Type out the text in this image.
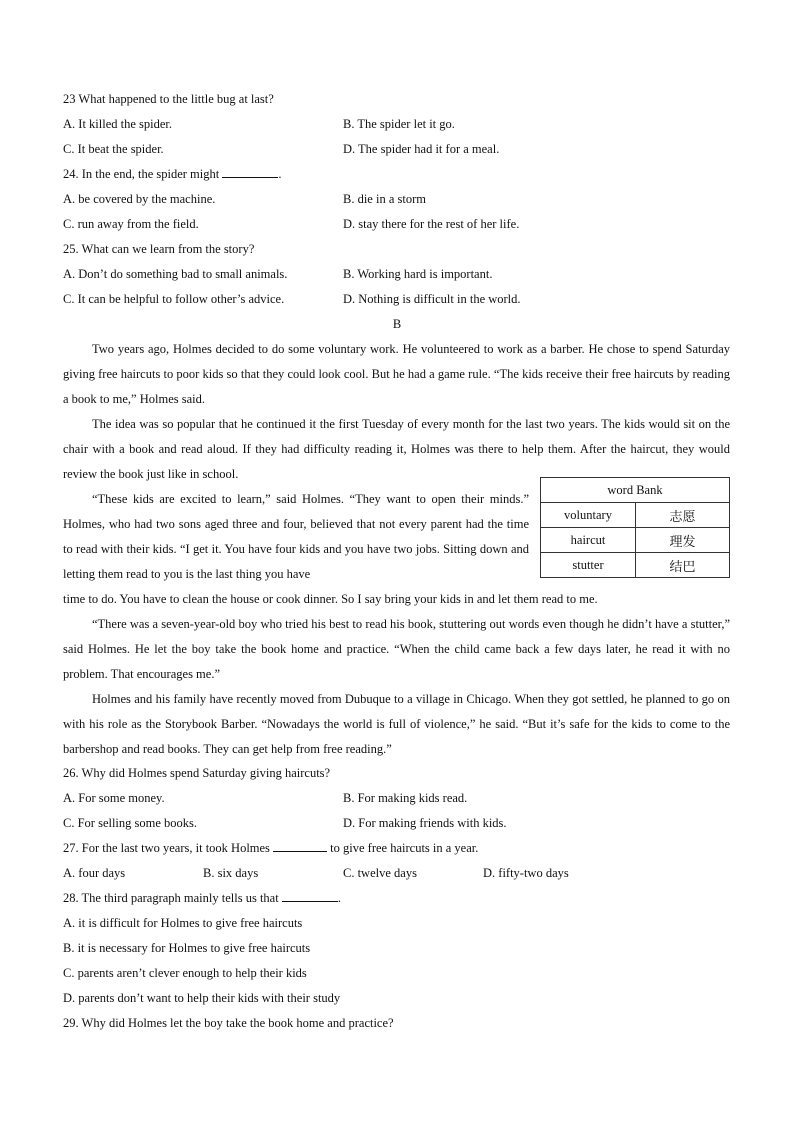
23 What happened to the little bug at last?
A. It killed the spider.	B. The spider let it go.
C. It beat the spider.	D. The spider had it for a meal.
24. In the end, the spider might	.
A. be covered by the machine.	B. die in a storm
C. run away from the field.	D. stay there for the rest of her life.
25. What can we learn from the story?
A. Don’t do something bad to small animals.	B. Working hard is important.
C. It can be helpful to follow other’s advice.	D. Nothing is difficult in the world.
B
Two years ago, Holmes decided to do some voluntary work. He volunteered to work as a barber. He chose to spend Saturday giving free haircuts to poor kids so that they could look cool. But he had a game rule. “The kids receive their free haircuts by reading a book to me,” Holmes said.
The idea was so popular that he continued it the first Tuesday of every month for the last two years. The kids would sit on the chair with a book and read aloud. If they had difficulty reading it, Holmes was there to help them. After the haircut, they would review the book just like in school.
“These kids are excited to learn,” said Holmes. “They want to open their minds.” Holmes, who had two sons aged three and four, believed that not every parent had the time to read with their kids. “I get it. You have four kids and you have two jobs. Sitting down and letting them read to you is the last thing you have
time to do. You have to clean the house or cook dinner. So I say bring your kids in and let them read to me.
“There was a seven-year-old boy who tried his best to read his book, stuttering out words even though he didn’t have a stutter,” said Holmes. He let the boy take the book home and practice. “When the child came back a few days later, he read it with no problem. That encourages me.”
Holmes and his family have recently moved from Dubuque to a village in Chicago. When they got settled, he planned to go on with his role as the Storybook Barber. “Nowadays the world is full of violence,” he said. “But it’s safe for the kids to come to the barbershop and read books. They can get help from free reading.”
word Bank	
voluntary	志愿
haircut	理发
stutter	结巴
26. Why did Holmes spend Saturday giving haircuts?
A. For some money.	B. For making kids read.
C. For selling some books.	D. For making friends with kids.
27. For the last two years, it took Holmes	to give free haircuts in a year.
A. four days	B. six days	C. twelve days	D. fifty-two days
28. The third paragraph mainly tells us that	.
A. it is difficult for Holmes to give free haircuts
B. it is necessary for Holmes to give free haircuts
C. parents aren’t clever enough to help their kids
D. parents don’t want to help their kids with their study
29. Why did Holmes let the boy take the book home and practice?
